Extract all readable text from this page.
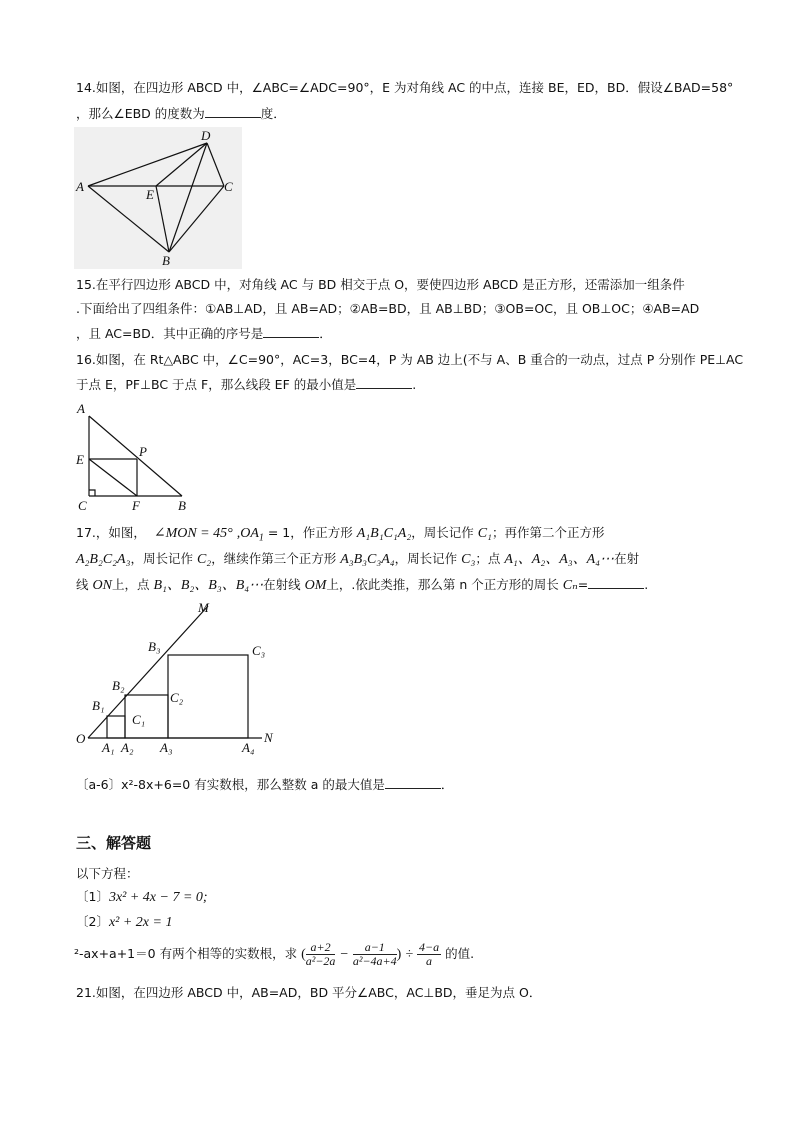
14.如图，在四边形 ABCD 中，∠ABC=∠ADC=90°，E 为对角线 AC 的中点，连接 BE，ED，BD．假设∠BAD=58°
，那么∠EBD 的度数为	度．
A
D
C
E
B
15.在平行四边形 ABCD 中，对角线 AC 与 BD 相交于点 O，要使四边形 ABCD 是正方形，还需添加一组条件
.下面给出了四组条件：①AB⊥AD，且 AB=AD；②AB=BD，且 AB⊥BD；③OB=OC，且 OB⊥OC；④AB=AD
，且 AC=BD．其中正确的序号是	．
16.如图，在 Rt△ABC 中，∠C=90°，AC=3，BC=4，P 为 AB 边上(不与 A、B 重合的一动点，过点 P 分别作 PE⊥AC
于点 E，PF⊥BC 于点 F，那么线段 EF 的最小值是	.
A
E
P
C	F	B
17.，如图， ∠MON = 45° $,OA_1 = 1$，作正方形 A₁B₁C₁A₂，周长记作 C₁；再作第二个正方形
A₂B₂C₂A₃，周长记作 C₂，继续作第三个正方形 A₃B₃C₃A₄，周长记作 C₃；点 A₁、A₂、A₃、A₄⋯在射
线 ON上，点 B₁、B₂、B₃、B₄⋯在射线 OM上，.依此类推，那么第 n 个正方形的周长 Cₙ=	.
M
B₃	C₃
B₂
C₂
B₁
C₁
O
A₁ A₂ A₃	A₄
N
〔a-6〕x²-8x+6=0 有实数根，那么整数 a 的最大值是	．
三、解答题
以下方程：
〔1〕3x² + 4x − 7 = 0;
〔2〕x² + 2x = 1
²-ax+a+1＝0 有两个相等的实数根，求 ( $\frac{a+2}{\text{a²−2a}} - \frac{a-1}{\text{a²−4a+4}}$ ) ÷ $\frac{4-a}{a}$ 的值.
21.如图，在四边形 ABCD 中，AB=AD，BD 平分∠ABC，AC⊥BD，垂足为点 O．
